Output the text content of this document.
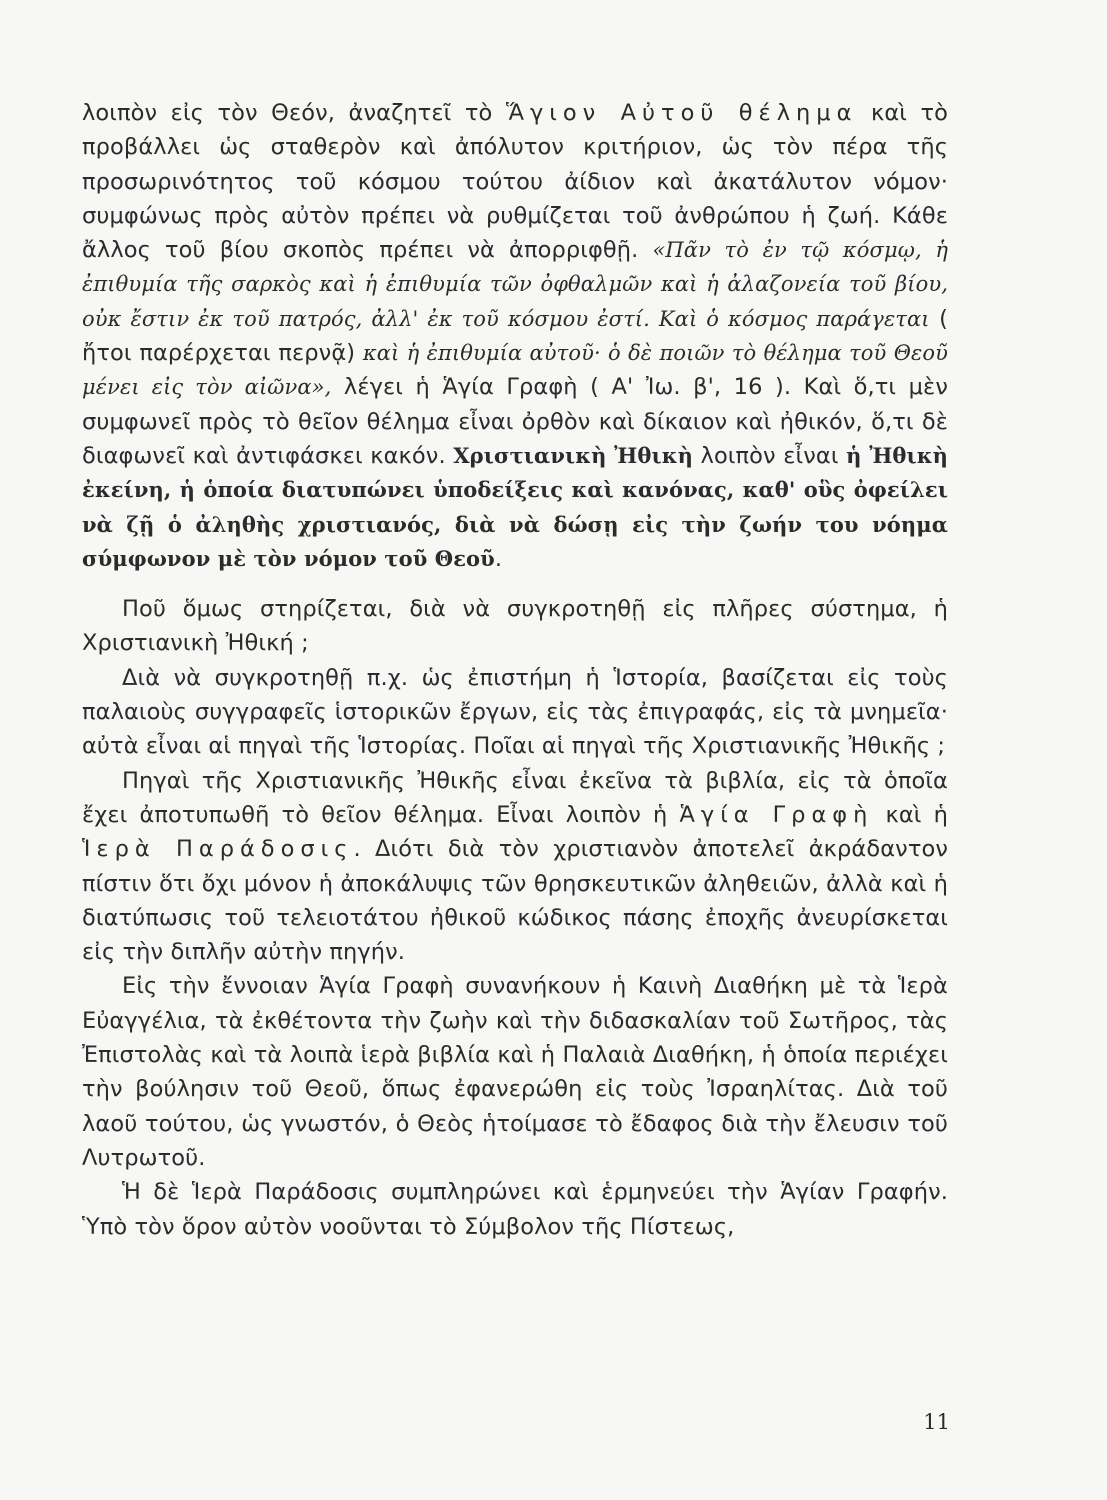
λοιπὸν εἰς τὸν Θεόν, ἀναζητεῖ τὸ Ἅγιον Αὐτοῦ θέλημα καὶ τὸ προβάλλει ὡς σταθερὸν καὶ ἀπόλυτον κριτήριον, ὡς τὸν πέρα τῆς προσωρινότητος τοῦ κόσμου τούτου ἀίδιον καὶ ἀκατάλυτον νόμον· συμφώνως πρὸς αὐτὸν πρέπει νὰ ρυθμίζεται τοῦ ἀνθρώπου ἡ ζωή. Κάθε ἄλλος τοῦ βίου σκοπὸς πρέπει νὰ ἀπορριφθῇ. «Πᾶν τὸ ἐν τῷ κόσμῳ, ἡ ἐπιθυμία τῆς σαρκὸς καὶ ἡ ἐπιθυμία τῶν ὀφθαλμῶν καὶ ἡ ἀλαζονεία τοῦ βίου, οὐκ ἔστιν ἐκ τοῦ πατρός, ἀλλ' ἐκ τοῦ κόσμου ἐστί. Καὶ ὁ κόσμος παράγεται ( ἤτοι παρέρχεται περνᾷ) καὶ ἡ ἐπιθυμία αὐτοῦ· ὁ δὲ ποιῶν τὸ θέλημα τοῦ Θεοῦ μένει εἰς τὸν αἰῶνα», λέγει ἡ Ἁγία Γραφὴ ( Α' Ἰω. β', 16 ). Καὶ ὅ,τι μὲν συμφωνεῖ πρὸς τὸ θεῖον θέλημα εἶναι ὀρθὸν καὶ δίκαιον καὶ ἠθικόν, ὅ,τι δὲ διαφωνεῖ καὶ ἀντιφάσκει κακόν. Χριστιανικὴ Ἠθικὴ λοιπὸν εἶναι ἡ Ἠθικὴ ἐκείνη, ἡ ὁποία διατυπώνει ὑποδείξεις καὶ κανόνας, καθ' οὓς ὀφείλει νὰ ζῇ ὁ ἀληθὴς χριστιανός, διὰ νὰ δώσῃ εἰς τὴν ζωήν του νόημα σύμφωνον μὲ τὸν νόμον τοῦ Θεοῦ.

Ποῦ ὅμως στηρίζεται, διὰ νὰ συγκροτηθῇ εἰς πλῆρες σύστημα, ἡ Χριστιανικὴ Ἠθική ;

Διὰ νὰ συγκροτηθῇ π.χ. ὡς ἐπιστήμη ἡ Ἱστορία, βασίζεται εἰς τοὺς παλαιοὺς συγγραφεῖς ἱστορικῶν ἔργων, εἰς τὰς ἐπιγραφάς, εἰς τὰ μνημεῖα· αὐτὰ εἶναι αἱ πηγαὶ τῆς Ἱστορίας. Ποῖαι αἱ πηγαὶ τῆς Χριστιανικῆς Ἠθικῆς ;

Πηγαὶ τῆς Χριστιανικῆς Ἠθικῆς εἶναι ἐκεῖνα τὰ βιβλία, εἰς τὰ ὁποῖα ἔχει ἀποτυπωθῆ τὸ θεῖον θέλημα. Εἶναι λοιπὸν ἡ Ἁγία Γραφὴ καὶ ἡ Ἱερὰ Παράδοσις. Διότι διὰ τὸν χριστιανὸν ἀποτελεῖ ἀκράδαντον πίστιν ὅτι ὄχι μόνον ἡ ἀποκάλυψις τῶν θρησκευτικῶν ἀληθειῶν, ἀλλὰ καὶ ἡ διατύπωσις τοῦ τελειοτάτου ἠθικοῦ κώδικος πάσης ἐποχῆς ἀνευρίσκεται εἰς τὴν διπλῆν αὐτὴν πηγήν.

Εἰς τὴν ἔννοιαν Ἁγία Γραφὴ συνανήκουν ἡ Καινὴ Διαθήκη μὲ τὰ Ἱερὰ Εὐαγγέλια, τὰ ἐκθέτοντα τὴν ζωὴν καὶ τὴν διδασκαλίαν τοῦ Σωτῆρος, τὰς Ἐπιστολὰς καὶ τὰ λοιπὰ ἱερὰ βιβλία καὶ ἡ Παλαιὰ Διαθήκη, ἡ ὁποία περιέχει τὴν βούλησιν τοῦ Θεοῦ, ὅπως ἐφανερώθη εἰς τοὺς Ἰσραηλίτας. Διὰ τοῦ λαοῦ τούτου, ὡς γνωστόν, ὁ Θεὸς ἡτοίμασε τὸ ἔδαφος διὰ τὴν ἔλευσιν τοῦ Λυτρωτοῦ.

Ἡ δὲ Ἱερὰ Παράδοσις συμπληρώνει καὶ ἑρμηνεύει τὴν Ἁγίαν Γραφήν. Ὑπὸ τὸν ὅρον αὐτὸν νοοῦνται τὸ Σύμβολον τῆς Πίστεως,

11
